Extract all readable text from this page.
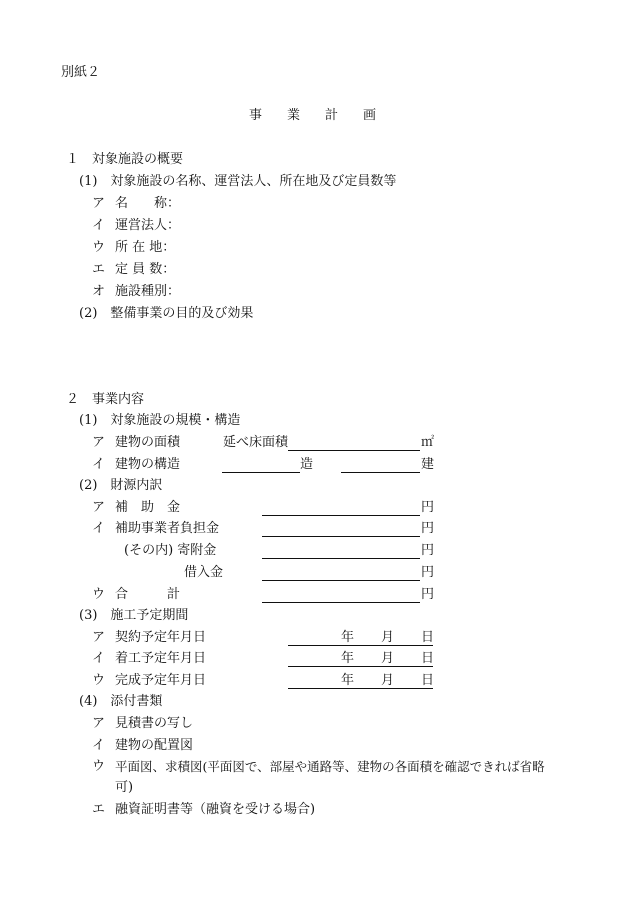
別紙２
事 業 計 画
１　対象施設の概要
(1)　対象施設の名称、運営法人、所在地及び定員数等
ア 名　　称：
イ 運営法人：
ウ 所 在 地：
エ 定 員 数：
オ 施設種別：
(2)　整備事業の目的及び効果
２　事業内容
(1)　対象施設の規模・構造
ア 建物の面積	延べ床面積	㎡
イ 建物の構造	造	建
(2)　財源内訳
ア 補　助　金	円
イ 補助事業者負担金	円
(その内) 寄附金	円
借入金	円
ウ 合　　　計	円
(3)　施工予定期間
ア 契約予定年月日	年 月 日
イ 着工予定年月日	年 月 日
ウ 完成予定年月日	年 月 日
(4)　添付書類
ア 見積書の写し
イ 建物の配置図
ウ 平面図、求積図(平面図で、部屋や通路等、建物の各面積を確認できれば省略
可)
エ 融資証明書等（融資を受ける場合)
